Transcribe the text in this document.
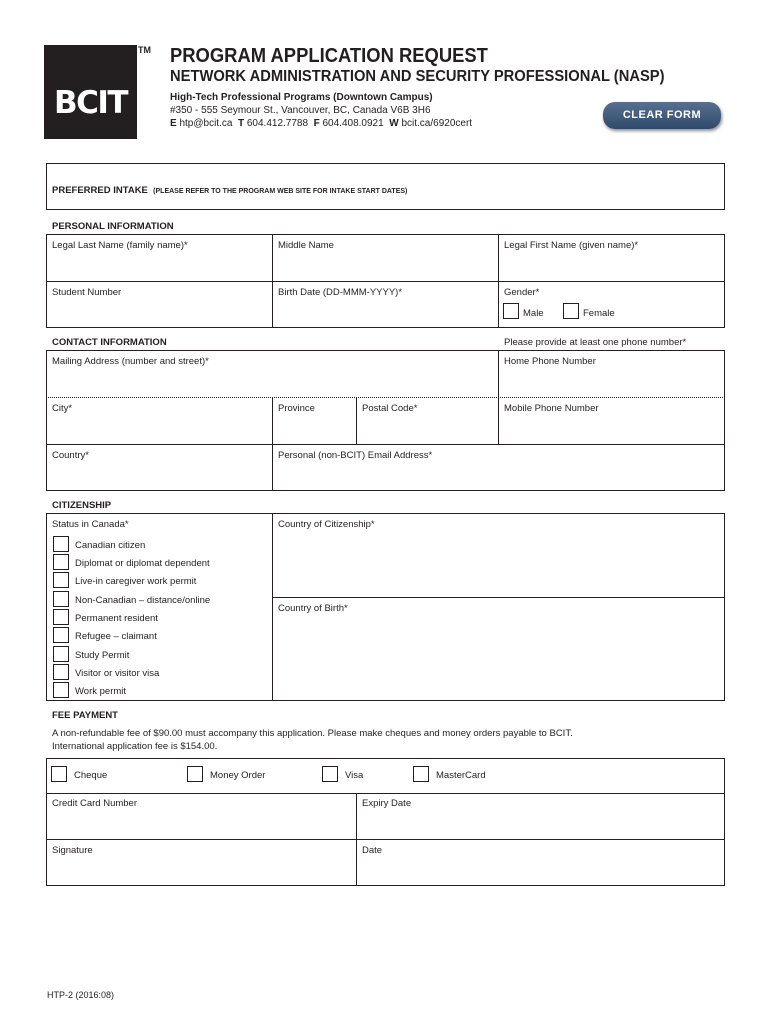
BCIT
TM PROGRAM APPLICATION REQUEST
NETWORK ADMINISTRATION AND SECURITY PROFESSIONAL (NASP)
High-Tech Professional Programs (Downtown Campus)
#350 - 555 Seymour St., Vancouver, BC, Canada V6B 3H6
E htp@bcit.ca T 604.412.7788 F 604.408.0921 W bcit.ca/6920cert
CLEAR FORM
PREFERRED INTAKE (PLEASE REFER TO THE PROGRAM WEB SITE FOR INTAKE START DATES)
PERSONAL INFORMATION
Legal Last Name (family name)*	Middle Name	Legal First Name (given name)*
Student Number	Birth Date (DD-MMM-YYYY)*	Gender*
Male	Female
CONTACT INFORMATION	Please provide at least one phone number*
Mailing Address (number and street)*	Home Phone Number
City*	Province	Postal Code*	Mobile Phone Number
Country*	Personal (non-BCIT) Email Address*
CITIZENSHIP
Status in Canada*	Country of Citizenship*
Country of Birth*
Canadian citizen
Diplomat or diplomat dependent
Live-in caregiver work permit
Non-Canadian – distance/online
Permanent resident
Refugee – claimant
Study Permit
Visitor or visitor visa
Work permit
FEE PAYMENT
A non-refundable fee of $90.00 must accompany this application. Please make cheques and money orders payable to BCIT.
International application fee is $154.00.
Cheque	Money Order	Visa	MasterCard
Credit Card Number	Expiry Date
Signature	Date
HTP-2 (2016:08)
